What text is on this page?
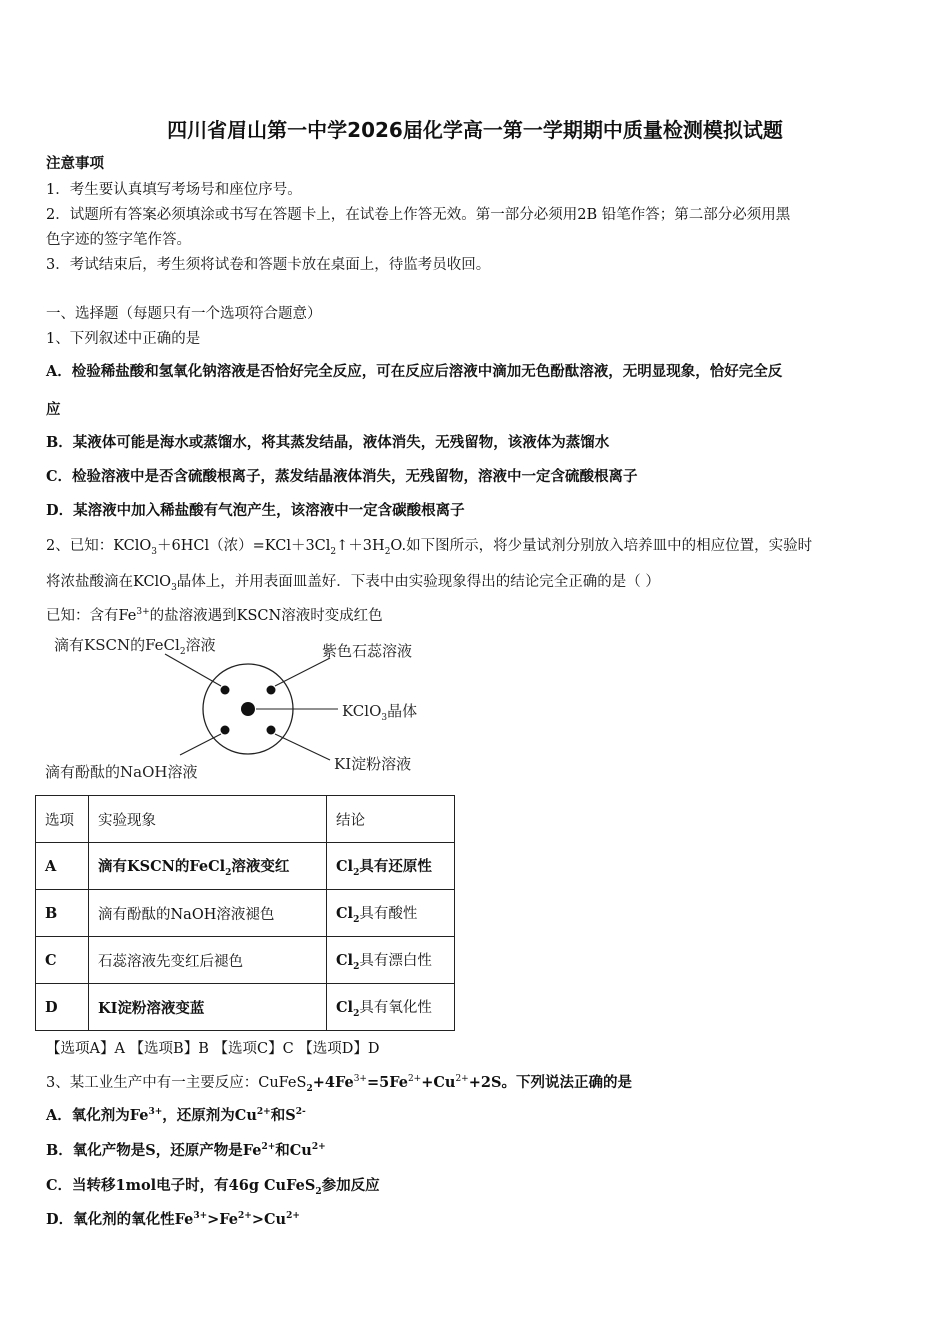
四川省眉山第一中学2026届化学高一第一学期期中质量检测模拟试题
注意事项
1．考生要认真填写考场号和座位序号。
2．试题所有答案必须填涂或书写在答题卡上，在试卷上作答无效。第一部分必须用2B 铅笔作答；第二部分必须用黑
色字迹的签字笔作答。
3．考试结束后，考生须将试卷和答题卡放在桌面上，待监考员收回。
一、选择题（每题只有一个选项符合题意）
1、下列叙述中正确的是
A．检验稀盐酸和氢氧化钠溶液是否恰好完全反应，可在反应后溶液中滴加无色酚酞溶液，无明显现象，恰好完全反
应
B．某液体可能是海水或蒸馏水，将其蒸发结晶，液体消失，无残留物，该液体为蒸馏水
C．检验溶液中是否含硫酸根离子，蒸发结晶液体消失，无残留物，溶液中一定含硫酸根离子
D．某溶液中加入稀盐酸有气泡产生，该溶液中一定含碳酸根离子
2、已知：KClO$_3$＋6HCl（浓）$=KCl+3Cl_2↑+3H_2O$.如下图所示，将少量试剂分别放入培养皿中的相应位置，实验时
将浓盐酸滴在KClO$_3$晶体上，并用表面皿盖好．下表中由实验现象得出的结论完全正确的是（ ）
已知：含有$Fe^{3+}$的盐溶液遇到KSCN溶液时变成红色
滴有KSCN的FeCl$_2$溶液	紫色石蕊溶液
KClO$_3$晶体
KI淀粉溶液
滴有酚酞的NaOH溶液
选项	实验现象	结论
A	滴有KSCN的FeCl$_2$溶液变红	$Cl_2$具有还原性
B	滴有酚酞的NaOH溶液褪色	$Cl_2$具有酸性
C	石蕊溶液先变红后褪色	$Cl_2$具有漂白性
D	KI淀粉溶液变蓝	$Cl_2$具有氧化性
【选项A】A 【选项B】B 【选项C】C 【选项D】D
3、某工业生产中有一主要反应：$CuFeS_2+4Fe^{3+}=5Fe^{2+}+Cu^{2+}+2S$。下列说法正确的是
A．氧化剂为$Fe^{3+}$，还原剂为$Cu^{2+}$和$S^{2-}$
B．氧化产物是S，还原产物是$Fe^{2+}$和$Cu^{2+}$
C．当转移1mol电子时，有46g CuFeS$_2$参加反应
D．氧化剂的氧化性$Fe^{3+}>Fe^{2+}>Cu^{2+}$
